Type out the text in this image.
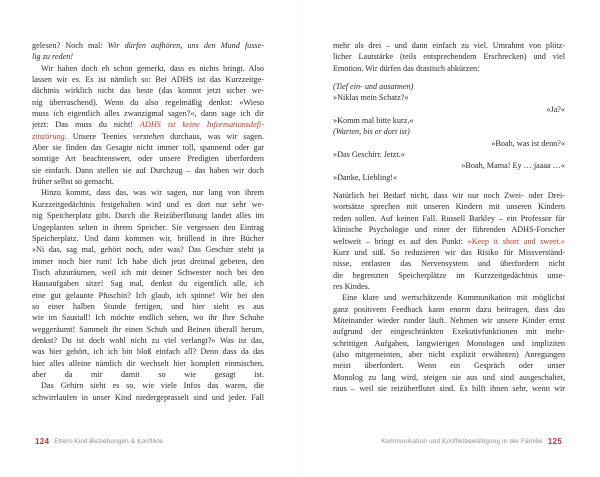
gelesen? Noch mal: Wir dürfen aufhören, uns den Mund fusse-
lig zu reden!
Wir haben doch eh schon gemerkt, dass es nichts bringt. Also
lassen wir es. Es ist nämlich so: Bei ADHS ist das Kurzzeitge-
dächtnis wirklich nicht das beste (das kommt jetzt sicher we-
nig überraschend). Wenn du also regelmäßig denkst: »Wieso
muss ich eigentlich alles zwanzigmal sagen?«, dann sage ich dir
jetzt: Das muss du nicht! ADHS ist keine Informationsdefi-
zitstörung. Unsere Teenies verstehen durchaus, was wir sagen.
Aber sie finden das Gesagte nicht immer toll, spannend oder gar
sonstige Art beachtenswert, oder unsere Predigten überfordern
sie einfach. Dann stellen sie auf Durchzug – das haben wir doch
früher selbst so gemacht.
Hinzu kommt, dass das, was wir sagen, nur lang von ihrem
Kurzzeitgedächtnis festgehalten wird und es dort nur sehr we-
nig Speicherplatz gibt. Durch die Reizüberflutung landet alles im
Ungeplanten selten in ihrem Speicher. Sie vergessen den Eintrag
Speicherplatz. Und dann kommen wir, brüllend in ihre Bücher
»Ni das, sag mal, gehört noch, oder was? Das Geschirr steht ja
immer noch hier rum! Ich habe dich jetzt dreimal gebeten, den
Tisch abzuräumen, weil ich mit deiner Schwester noch bei den
Hausaufgaben sitze! Sag mal, denkst du eigentlich alle, ich
eine gut gelaunte Pfuschin? Ich glaub, ich spinne! Wir bei den
so einer halben Stunde fertigen, und hier sieht es aus
wie im Saustall! Ich möchte endlich sehen, wo ihr Ihre Schuhe
weggeräumt! Sammelt ihr einen Schuh und Beinen überall herum,
denkst? Du ist doch wohl nicht zu viel verlangt?« Was ist das,
was hier gehört, ich ich bin bloß einfach all? Denn dass da das
hier alles alleine nämlich dir wechselt hier komplett einmischen,
aber da mir damit so wie gesagt ist.
Das Gehirn sieht es so, wie viele Infos das waren, die
schwirrlaufen in unser Kind niedergeprasselt sind und jeder. Fall
mehr als drei – und dann einfach zu viel. Umrahmt von plötz-
licher Lautstärke (teils entsprechendem Erschrecken) und viel
Emotion. Wir dürfen das drastisch abkürzen:
(Tief ein- und ausatmen)
»Niklas mein Schatz?«
»Ja?«
»Komm mal bitte kurz.«
(Warten, bis er dort ist)
»Boah, was ist denn?«
»Das Geschirr. Jetzt.«
»Boah, Mama! Ey … jaaaa …«
»Danke, Liebling!«
Natürlich bei Bedarf nicht, dass wir nur noch Zwei- oder Drei-
wortsätze sprechen mit unseren Kindern mit unseren Kindern
reden sollen. Auf keinen Fall. Russell Barkley – ein Professor für
klinische Psychologie und einer der führenden ADHS-Forscher
weltweit – bringt es auf den Punkt: »Keep it short and sweet.«
Kurz und süß. So reduzieren wir das Risiko für Missverständ-
nisse, entlasten das Nervensystem und überfordern nicht
die begrenzten Speicherplätze im Kurzzeitgedächtnis unse-
res Kindes.
Eine klare und wertschätzende Kommunikation mit möglichst
ganz positivem Feedback kann enorm dazu beitragen, dass das
Miteinander wieder runder läuft. Nehmen wir unsere Kinder ernst
aufgrund der eingeschränkten Exekutivfunktionen mit mehr-
schrittigen Aufgaben, langwierigen Monologen und impliziten
(also mitgemeinten, aber nicht explizit erwähnten) Anregungen
meist überfordert. Wenn ein Gespräch oder unser
Monolog zu lang wird, steigen sie aus und sind ausgeschaltet,
raus – weil sie reizüberflutet sind. Es hilft ihnen sehr, wenn wir
124 Eltern-Kind-Beziehungen & Konflikte	Kommunikation und Konfliktbewältigung in der Familie 125
